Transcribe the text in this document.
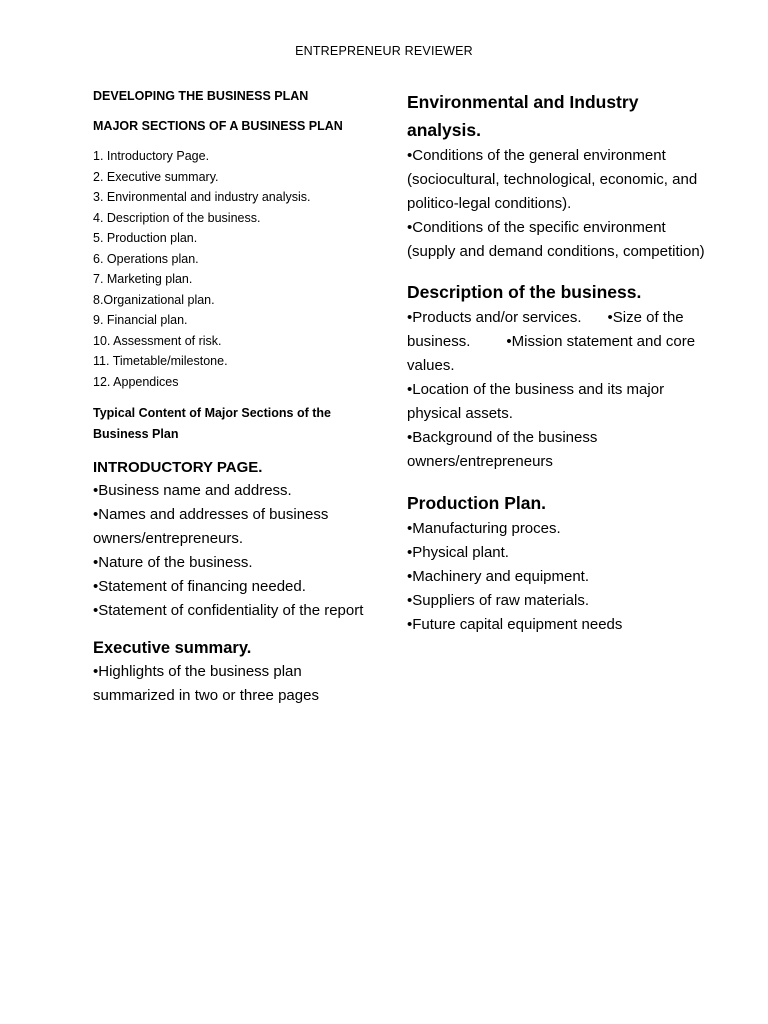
ENTREPRENEUR REVIEWER

DEVELOPING THE BUSINESS PLAN

MAJOR SECTIONS OF A BUSINESS PLAN

1. Introductory Page.
2. Executive summary.
3. Environmental and industry analysis.
4. Description of the business.
5. Production plan.
6. Operations plan.
7. Marketing plan.
8.Organizational plan.
9. Financial plan.
10. Assessment of risk.
11. Timetable/milestone.
12. Appendices
Typical Content of Major Sections of the
Business Plan
INTRODUCTORY PAGE.

•Business name and address.

•Names and addresses of business owners/entrepreneurs.

•Nature of the business.

•Statement of financing needed.

•Statement of confidentiality of the report

Executive summary.

•Highlights of the business plan summarized in two or three pages

Environmental and Industry analysis.

•Conditions of the general environment (sociocultural, technological, economic, and politico-legal conditions).

•Conditions of the specific environment (supply and demand conditions, competition)

Description of the business.

•Products and/or services. •Size of the business. •Mission statement and core values.

•Location of the business and its major physical assets.

•Background of the business owners/entrepreneurs

Production Plan.

•Manufacturing proces.

•Physical plant.

•Machinery and equipment.

•Suppliers of raw materials.

•Future capital equipment needs
